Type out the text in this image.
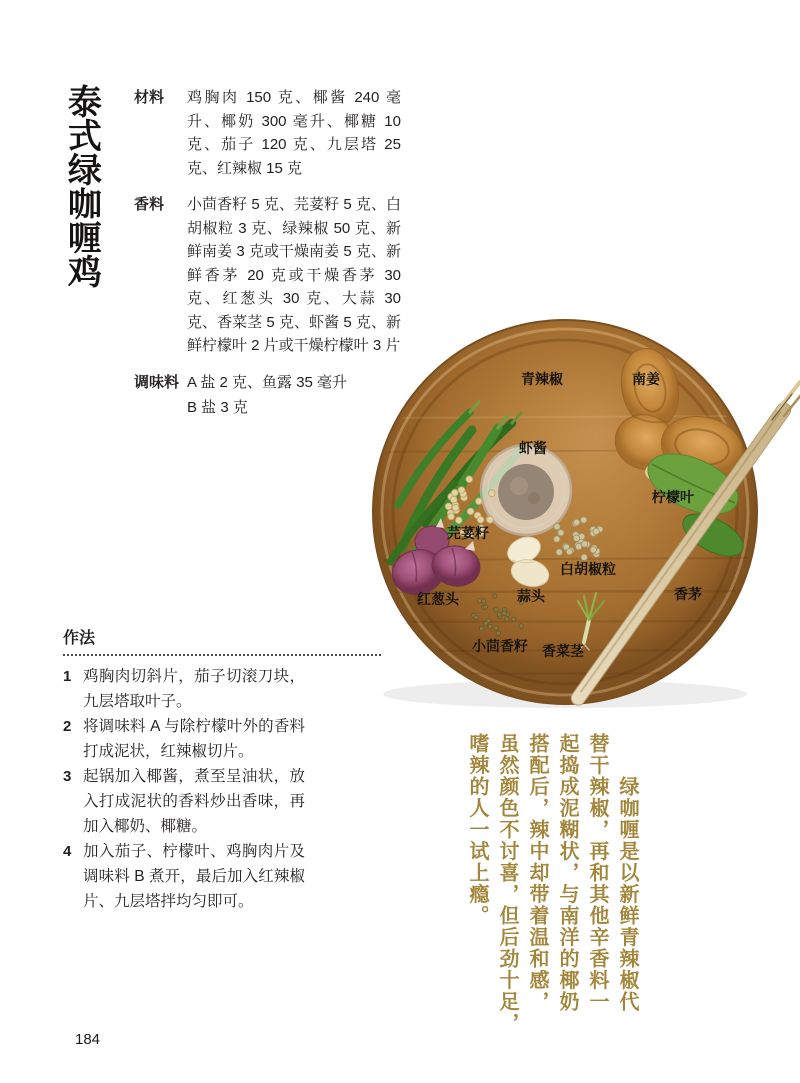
泰式绿咖喱鸡 材料	鸡胸肉 150 克、椰酱 240 毫升、椰奶 300 毫升、椰糖 10 克、茄子 120 克、九层塔 25 克、红辣椒 15 克
香料	小茴香籽 5 克、芫荽籽 5 克、白胡椒粒 3 克、绿辣椒 50 克、新鲜南姜 3 克或干燥南姜 5 克、新鲜香茅 20 克或干燥香茅 30 克、红葱头 30 克、大蒜 30 克、香菜茎 5 克、虾酱 5 克、新鲜柠檬叶 2 片或干燥柠檬叶 3 片
调味料 A 盐 2 克、鱼露 35 毫升
B 盐 3 克
青辣椒	南姜
虾酱
柠檬叶
芫荽籽
白胡椒粒
红葱头	蒜头	香茅
小茴香籽 香菜茎
作法
1 鸡胸肉切斜片，茄子切滚刀块，九层塔取叶子。
2 将调味料 A 与除柠檬叶外的香料打成泥状，红辣椒切片。
3 起锅加入椰酱，煮至呈油状，放入打成泥状的香料炒出香味，再加入椰奶、椰糖。
4 加入茄子、柠檬叶、鸡胸肉片及调味料 B 煮开，最后加入红辣椒片、九层塔拌均匀即可。	绿咖喱是以新鲜青辣椒代
替干辣椒，再和其他辛香料一
起捣成泥糊状，与南洋的椰奶
搭配后，辣中却带着温和感，
虽然颜色不讨喜，但后劲十足，
嗜辣的人一试上瘾。
184
